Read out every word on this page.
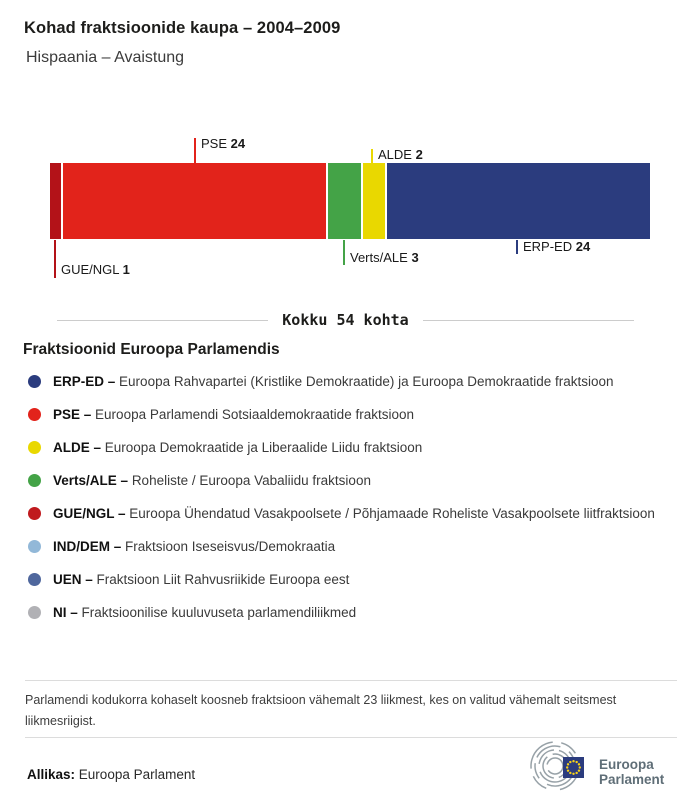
Kohad fraktsioonide kaupa – 2004–2009
Hispaania – Avaistung
PSE 24
ALDE 2
ERP-ED 24
Verts/ALE 3
GUE/NGL 1
Kokku 54 kohta
Fraktsioonid Euroopa Parlamendis
ERP-ED – Euroopa Rahvapartei (Kristlike Demokraatide) ja Euroopa Demokraatide fraktsioon
PSE – Euroopa Parlamendi Sotsiaaldemokraatide fraktsioon
ALDE – Euroopa Demokraatide ja Liberaalide Liidu fraktsioon
Verts/ALE – Roheliste / Euroopa Vabaliidu fraktsioon
GUE/NGL – Euroopa Ühendatud Vasakpoolsete / Põhjamaade Roheliste Vasakpoolsete liitfraktsioon
IND/DEM – Fraktsioon Iseseisvus/Demokraatia
UEN – Fraktsioon Liit Rahvusriikide Euroopa eest
NI – Fraktsioonilise kuuluvuseta parlamendiliikmed
Parlamendi kodukorra kohaselt koosneb fraktsioon vähemalt 23 liikmest, kes on valitud vähemalt seitsmest liikmesriigist.
Allikas: Euroopa Parlament
Euroopa
Parlament
